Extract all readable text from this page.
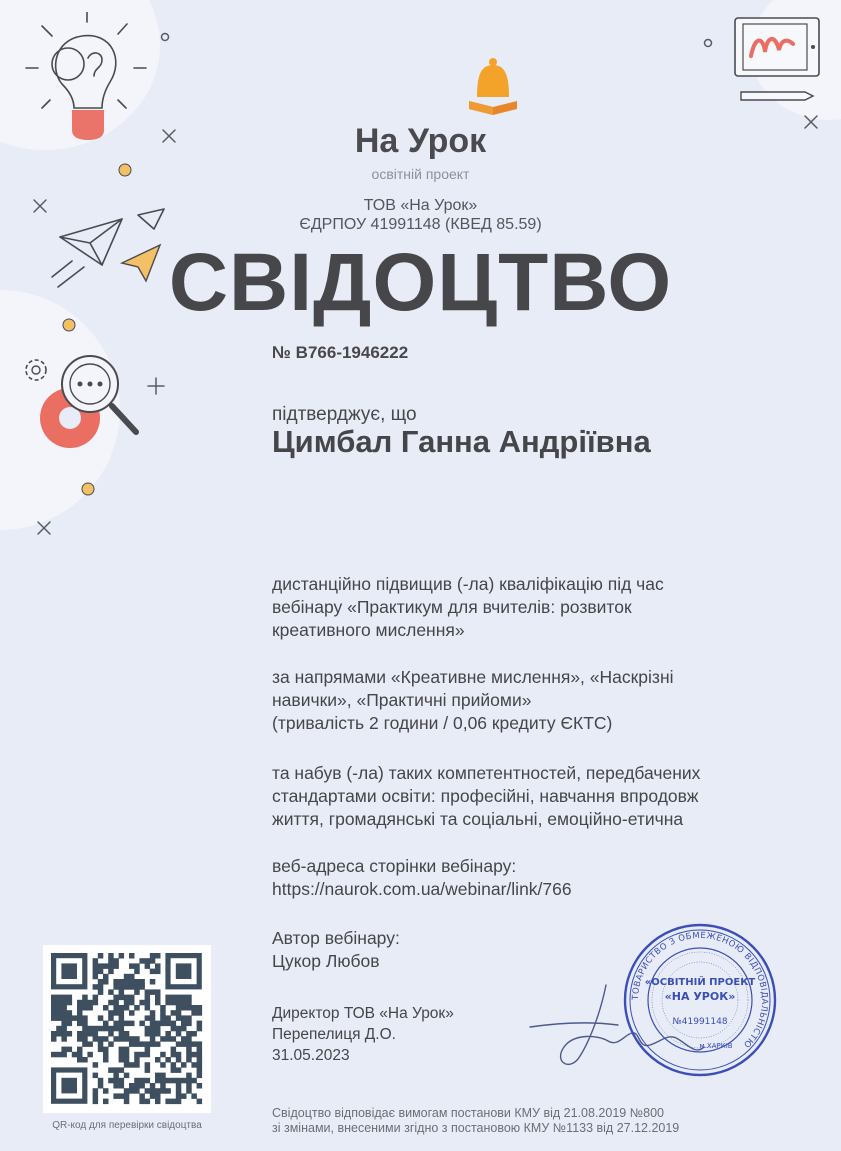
На Урок
освітній проект
ТОВ «На Урок»
ЄДРПОУ 41991148 (КВЕД 85.59)
СВІДОЦТВО
№ B766-1946222
підтверджує, що
Цимбал Ганна Андріївна
дистанційно підвищив (-ла) кваліфікацію під час
вебінару «Практикум для вчителів: розвиток
креативного мислення»
за напрямами «Креативне мислення», «Наскрізні
навички», «Практичні прийоми»
(тривалість 2 години / 0,06 кредиту ЄКТС)
та набув (-ла) таких компетентностей, передбачених
стандартами освіти: професійні, навчання впродовж
життя, громадянські та соціальні, емоційно-етична
веб-адреса сторінки вебінару:
https://naurok.com.ua/webinar/link/766
Автор вебінару:
Цукор Любов
Директор ТОВ «На Урок»
Перепелиця Д.О.
31.05.2023
ТОВАРИСТВО З ОБМЕЖЕНОЮ ВІДПОВІДАЛЬНІСТЮ
«ОСВІТНІЙ ПРОЕКТ
«НА УРОК»
№41991148
м.ХАРКІВ
QR-код для перевірки свідоцтва
Свідоцтво відповідає вимогам постанови КМУ від 21.08.2019 №800
зі змінами, внесеними згідно з постановою КМУ №1133 від 27.12.2019
